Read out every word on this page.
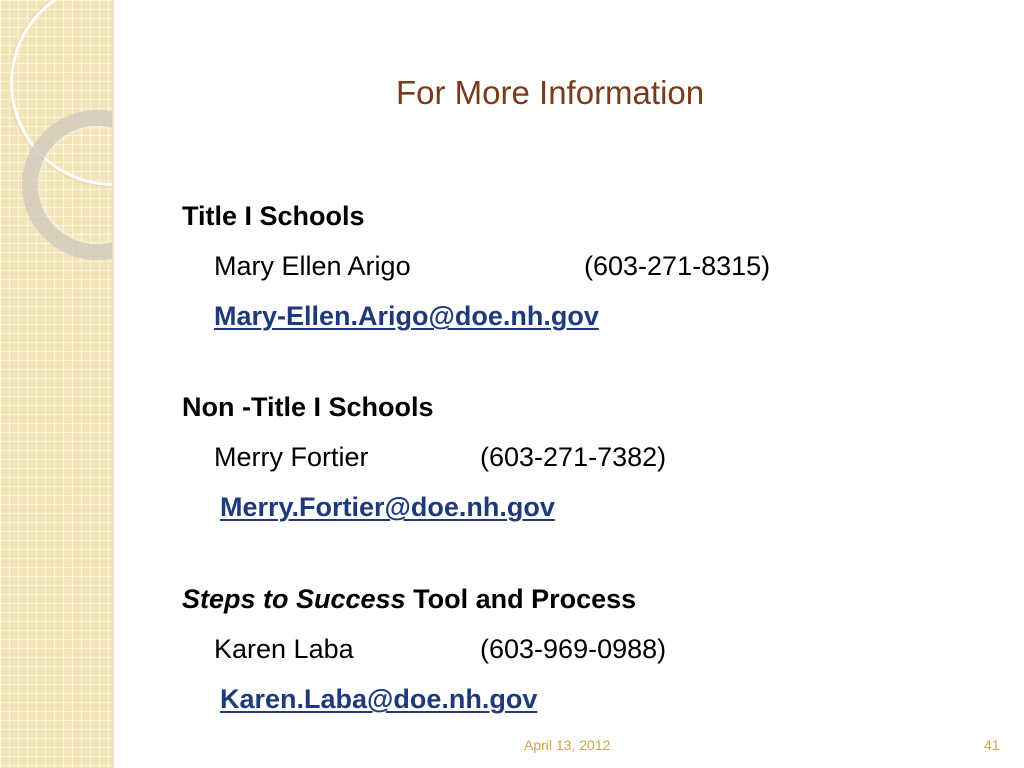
For More Information
Title I Schools
Mary Ellen Arigo	(603-271-8315)
Mary-Ellen.Arigo@doe.nh.gov
Non -Title I Schools
Merry Fortier	(603-271-7382)
Merry.Fortier@doe.nh.gov
Steps to Success Tool and Process
Karen Laba	(603-969-0988)
Karen.Laba@doe.nh.gov
April 13, 2012	41
